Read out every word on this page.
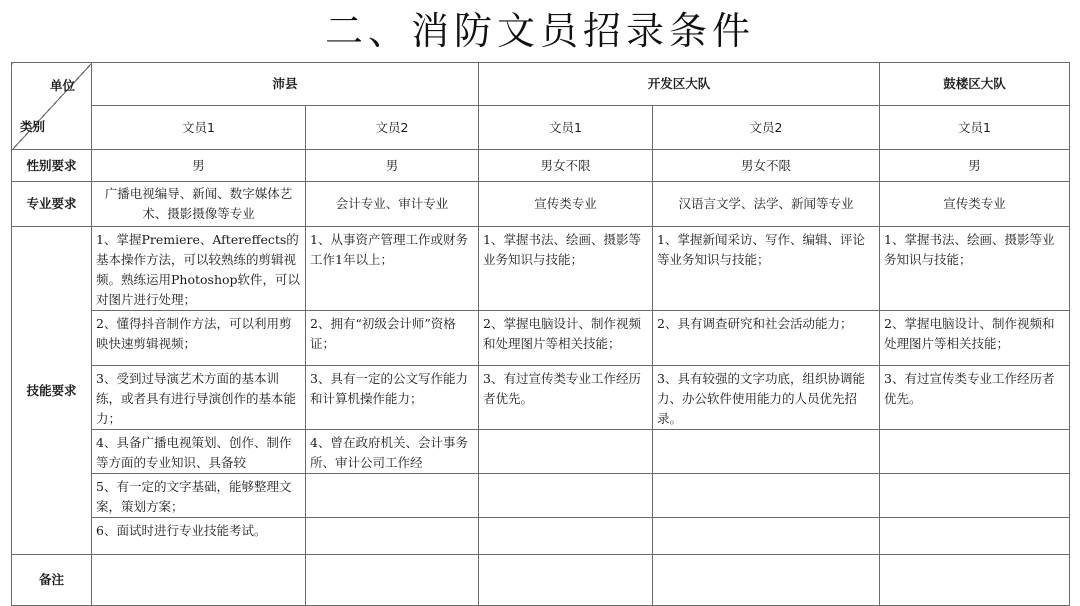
二、消防文员招录条件
单位
类别	沛县		开发区大队		鼓楼区大队
	文员1	文员2	文员1	文员2	文员1
性别要求	男	男	男女不限	男女不限	男
专业要求	广播电视编导、新闻、数字媒体艺术、摄影摄像等专业	会计专业、审计专业	宣传类专业	汉语言文学、法学、新闻等专业	宣传类专业
技能要求	1、掌握Premiere、Aftereffects的基本操作方法，可以较熟练的剪辑视频。熟练运用Photoshop软件，可以对图片进行处理；	1、从事资产管理工作或财务工作1年以上；	1、掌握书法、绘画、摄影等业务知识与技能；	1、掌握新闻采访、写作、编辑、评论等业务知识与技能；	1、掌握书法、绘画、摄影等业务知识与技能；
	2、懂得抖音制作方法，可以利用剪映快速剪辑视频；	2、拥有“初级会计师”资格证；	2、掌握电脑设计、制作视频和处理图片等相关技能；	2、具有调查研究和社会活动能力；	2、掌握电脑设计、制作视频和处理图片等相关技能；
	3、受到过导演艺术方面的基本训练，或者具有进行导演创作的基本能力；	3、具有一定的公文写作能力和计算机操作能力；	3、有过宣传类专业工作经历者优先。	3、具有较强的文字功底，组织协调能力、办公软件使用能力的人员优先招录。	3、有过宣传类专业工作经历者优先。
	4、具备广播电视策划、创作、制作等方面的专业知识、具备较	4、曾在政府机关、会计事务所、审计公司工作经			
	5、有一定的文字基础，能够整理文案，策划方案；				
	6、面试时进行专业技能考试。				
备注					
